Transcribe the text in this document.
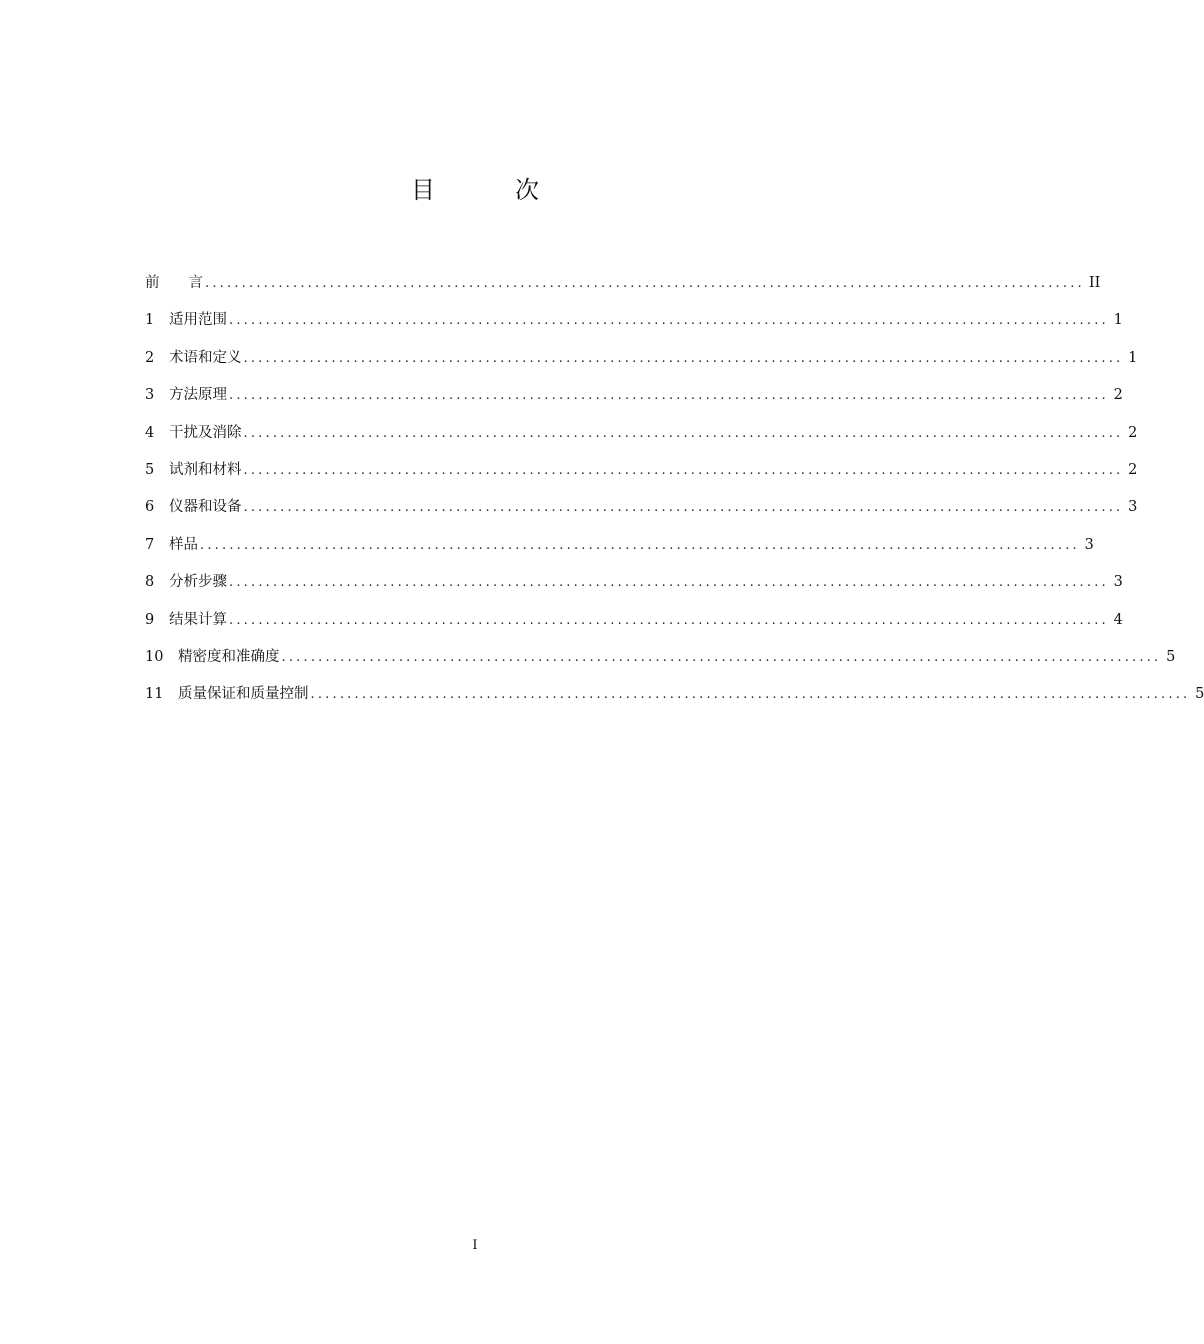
目　次
前　　言 ........................................................................................................................ II
1	适用范围 ........................................................................................................................ 1
2	术语和定义 ........................................................................................................................ 1
3	方法原理 ........................................................................................................................ 2
4	干扰及消除 ........................................................................................................................ 2
5	试剂和材料 ........................................................................................................................ 2
6	仪器和设备 ........................................................................................................................ 3
7	样品 ........................................................................................................................ 3
8	分析步骤 ........................................................................................................................ 3
9	结果计算 ........................................................................................................................ 4
10	精密度和准确度 ........................................................................................................................ 5
11	质量保证和质量控制 ........................................................................................................................ 5
I
